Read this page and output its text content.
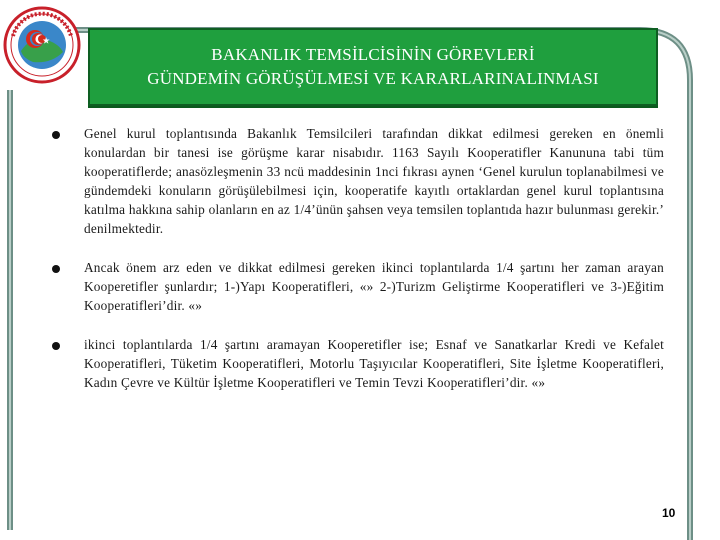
BAKANLIK TEMSİLCİSİNİN GÖREVLERİ
GÜNDEMİN GÖRÜŞÜLMESİ VE KARARLARINALINMASI
Genel kurul toplantısında Bakanlık Temsilcileri tarafından dikkat edilmesi gereken en önemli konulardan bir tanesi ise görüşme karar nisabıdır. 1163 Sayılı Kooperatifler Kanununa tabi tüm kooperatiflerde; anasözleşmenin 33 ncü maddesinin 1nci fıkrası aynen ‘Genel kurulun toplanabilmesi ve gündemdeki konuların görüşülebilmesi için, kooperatife kayıtlı ortaklardan genel kurul toplantısına katılma hakkına sahip olanların en az 1/4’ünün şahsen veya temsilen toplantıda hazır bulunması gerekir.’ denilmektedir.
Ancak önem arz eden ve dikkat edilmesi gereken ikinci toplantılarda 1/4 şartını her zaman arayan Kooperetifler şunlardır; 1-)Yapı Kooperatifleri, «» 2-)Turizm Geliştirme Kooperatifleri ve 3-)Eğitim Kooperatifleri’dir. «»
ikinci toplantılarda 1/4 şartını aramayan Kooperetifler ise; Esnaf ve Sanatkarlar Kredi ve Kefalet Kooperatifleri, Tüketim Kooperatifleri, Motorlu Taşıyıcılar Kooperatifleri, Site İşletme Kooperatifleri, Kadın Çevre ve Kültür İşletme Kooperatifleri ve Temin Tevzi Kooperatifleri’dir. «»
10
